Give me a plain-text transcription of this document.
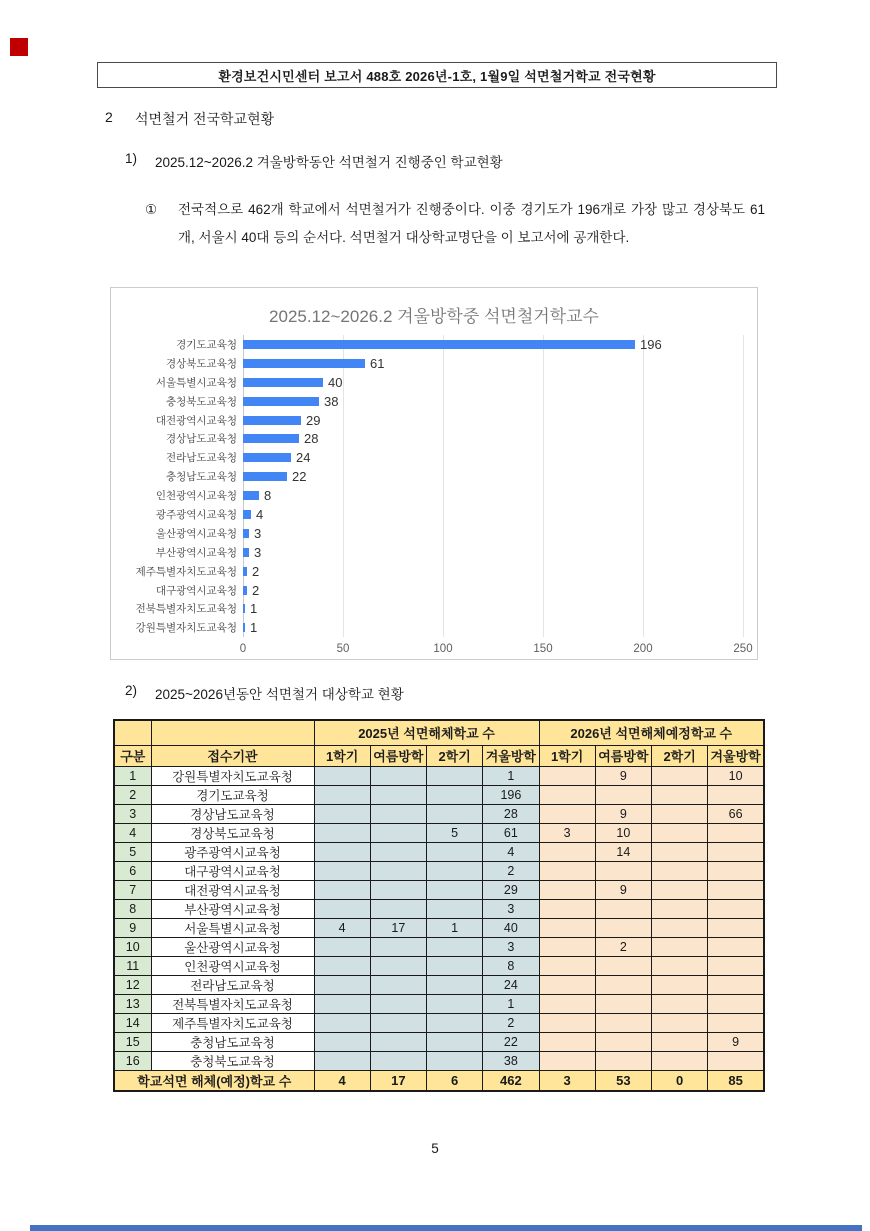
환경보건시민센터 보고서 488호 2026년-1호, 1월9일 석면철거학교 전국현황
2	석면철거 전국학교현황
1)	2025.12~2026.2 겨울방학동안 석면철거 진행중인 학교현황
①	전국적으로 462개 학교에서 석면철거가 진행중이다. 이중 경기도가 196개로 가장 많고 경상북도 61개, 서울시 40대 등의 순서다. 석면철거 대상학교명단을 이 보고서에 공개한다.
2025.12~2026.2 겨울방학중 석면철거학교수
경기도교육청	196
경상북도교육청	61
서울특별시교육청	40
충청북도교육청	38
대전광역시교육청	29
경상남도교육청	28
전라남도교육청	24
충청남도교육청	22
인천광역시교육청	8
광주광역시교육청	4
울산광역시교육청	3
부산광역시교육청	3
제주특별자치도교육청	2
대구광역시교육청	2
전북특별자치도교육청	1
강원특별자치도교육청	1
0	50	100	150	200	250
2)	2025~2026년동안 석면철거 대상학교 현황
		2025년 석면해체학교 수				2026년 석면해체예정학교 수			
구분	접수기관	1학기	여름방학	2학기	겨울방학	1학기	여름방학	2학기	겨울방학
1	강원특별자치도교육청				1		9		10
2	경기도교육청				196				
3	경상남도교육청				28		9		66
4	경상북도교육청			5	61	3	10		
5	광주광역시교육청				4		14		
6	대구광역시교육청				2				
7	대전광역시교육청				29		9		
8	부산광역시교육청				3				
9	서울특별시교육청	4	17	1	40				
10	울산광역시교육청				3		2		
11	인천광역시교육청				8				
12	전라남도교육청				24				
13	전북특별자치도교육청				1				
14	제주특별자치도교육청				2				
15	충청남도교육청				22				9
16	충청북도교육청				38				
학교석면 해체(예정)학교 수		4	17	6	462	3	53	0	85
5
